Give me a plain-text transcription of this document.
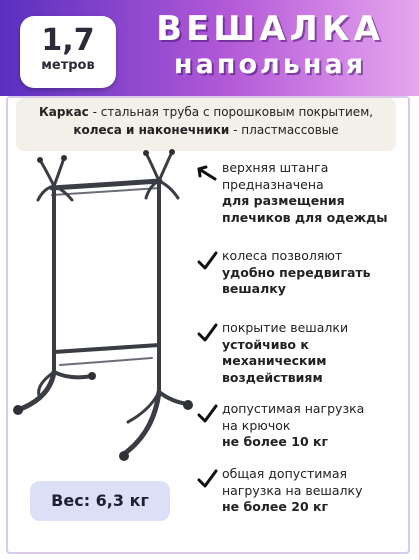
1,7
метров
ВЕШАЛКА
напольная
Каркас - стальная труба с порошковым покрытием,
колеса и наконечники - пластмассовые
Вес: 6,3 кг
верхняя штанга
предназначена
для размещения
плечиков для одежды
колеса позволяют
удобно передвигать
вешалку
покрытие вешалки
устойчиво к
механическим
воздействиям
допустимая нагрузка
на крючок
не более 10 кг
общая допустимая
нагрузка на вешалку
не более 20 кг
